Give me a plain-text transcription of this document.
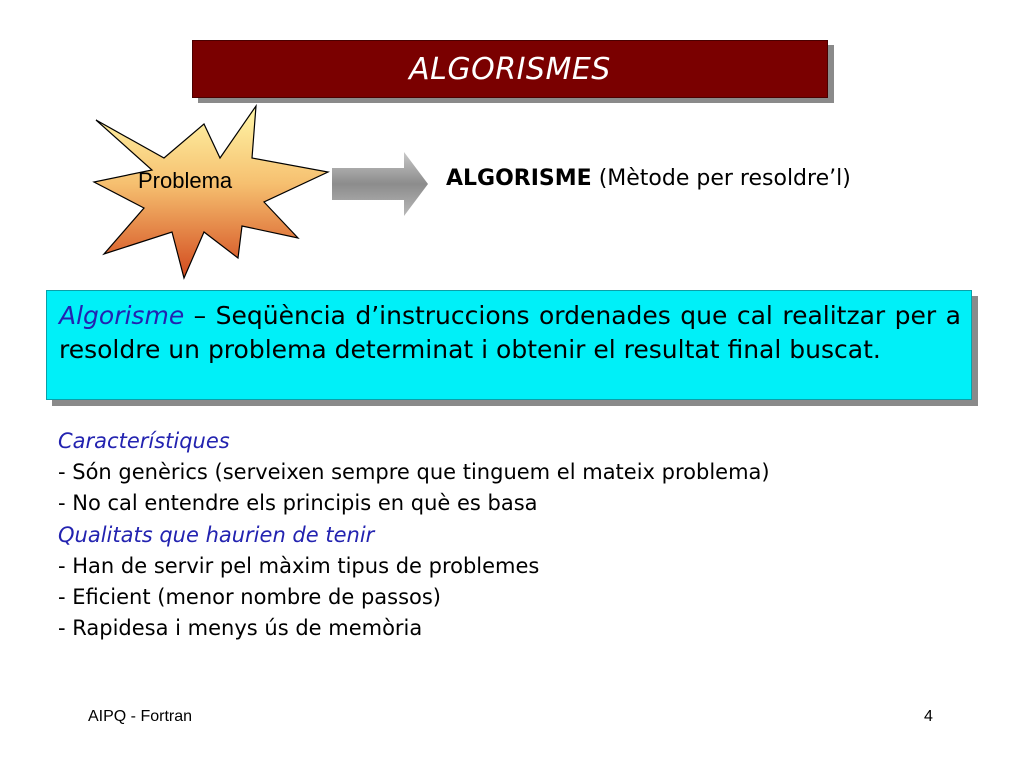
ALGORISMES
Problema	ALGORISME (Mètode per resoldre’l)
Algorisme – Seqüència d’instruccions ordenades que cal realitzar per a resoldre un problema determinat i obtenir el resultat final buscat.
Característiques
- Són genèrics (serveixen sempre que tinguem el mateix problema)
- No cal entendre els principis en què es basa
Qualitats que haurien de tenir
- Han de servir pel màxim tipus de problemes
- Eficient (menor nombre de passos)
- Rapidesa i menys ús de memòria
AIPQ - Fortran	4
